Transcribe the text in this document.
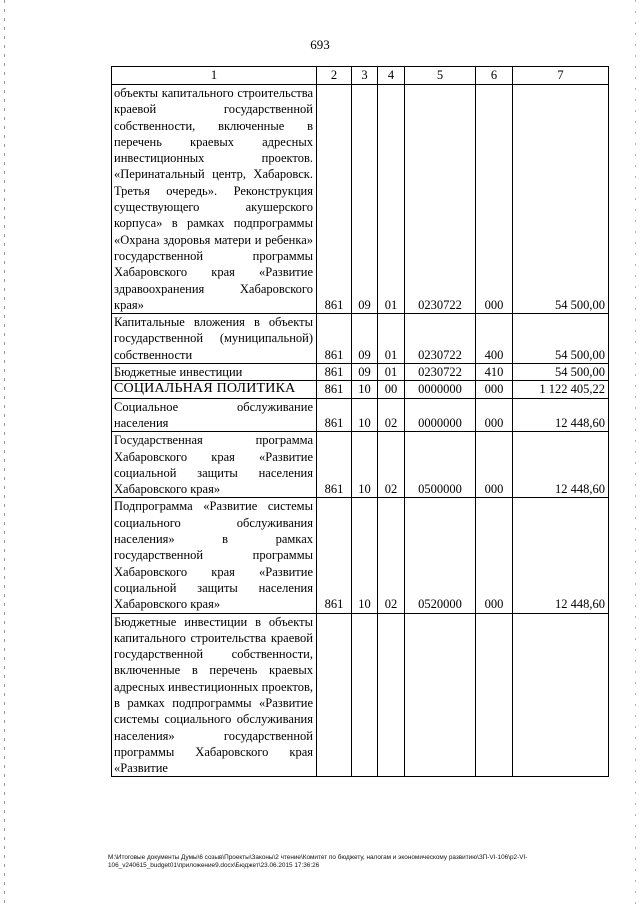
693
1	2	3	4	5	6	7
объекты капитального строительства краевой государственной собственности, включенные в перечень краевых адресных инвестиционных проектов. «Перинатальный центр, Хабаровск. Третья очередь». Реконструкция существующего акушерского корпуса» в рамках подпрограммы «Охрана здоровья матери и ребенка» государственной программы Хабаровского края «Развитие здравоохранения Хабаровского края»	861	09	01	0230722	000	54 500,00
Капитальные вложения в объекты государственной (муниципальной) собственности	861	09	01	0230722	400	54 500,00
Бюджетные инвестиции	861	09	01	0230722	410	54 500,00
СОЦИАЛЬНАЯ ПОЛИТИКА	861	10	00	0000000	000	1 122 405,22
Социальное обслуживание населения	861	10	02	0000000	000	12 448,60
Государственная программа Хабаровского края «Развитие социальной защиты населения Хабаровского края»	861	10	02	0500000	000	12 448,60
Подпрограмма «Развитие системы социального обслуживания населения» в рамках государственной программы Хабаровского края «Развитие социальной защиты населения Хабаровского края»	861	10	02	0520000	000	12 448,60
Бюджетные инвестиции в объекты капитального строительства краевой государственной собственности, включенные в перечень краевых адресных инвестиционных проектов, в рамках подпрограммы «Развитие системы социального обслуживания населения» государственной программы Хабаровского края «Развитие						
M:\Итоговые документы Думы\6 созыв\Проекты\Законы\2 чтение\Комитет по бюджету, налогам и экономическому развитию\ЗП-VI-106\р2-VI-106_v240615_budget01\приложение9.docx\Бюджет\23.06.2015 17:36:26
